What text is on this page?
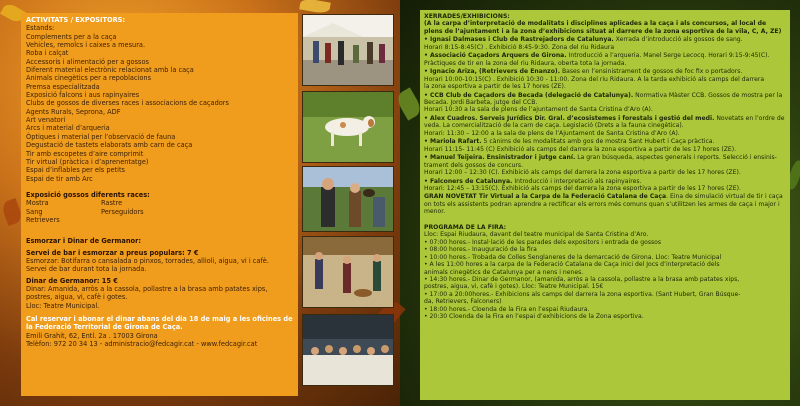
ACTIVITATS / EXPOSITORS:
Estands:
Complements per a la caça
Vehicles, remolcs i caixes a mesura.
Roba i calçat
Accessoris i alimentació per a gossos
Diferent material electrònic relacionat amb la caça
Animals cinegètics per a repoblacions
Premsa especialitzada
Exposició falcons i aus rapinyaires
Clubs de gossos de diverses races i associacions de caçadors
Agents Rurals, Seprona, ADF
Art venatori
Arcs i material d’arqueria
Òptiques i material per l’observació de fauna
Degustació de tastets elaborats amb carn de caça
Tir amb escopetes d’aire comprimit
Tir virtual (pràctica i d’aprenentatge)
Espai d’inflables per els petits
Espai de tir amb Arc
Exposició gossos diferents races:
Mostra
Sang
Retrievers
Rastre
Perseguidors
Esmorzar i Dinar de Germanor:
Servei de bar i esmorzar a preus populars: 7 €
Esmorzar: Botifarra o cansalada o pinxos, torrades, allioli, aigua, vi i cafè.
Servei de bar durant tota la jornada.
Dinar de Germanor: 15 €
Dinar: Amanida, arròs a la cassola, pollastre a la brasa amb patates xips,
postres, aigua, vi, cafè i gotes.
Lloc: Teatre Municipal.
Cal reservar i abonar el dinar abans del dia 18 de maig a les oficines de la Federació Territorial de Girona de Caça.
Emili Grahit, 62, Entl. 2a . 17003 Girona
Telèfon: 972 20 34 13 - administracio@fedcagir.cat - www.fedcagir.cat
XERRADES/EXHIBICIONS:
(A la carpa d’interpretació de modalitats i disciplines aplicades a la caça i als concursos, al local de plens de l’ajuntament i a la zona d’exhibicions situat al darrere de la zona esportiva de la vila, C, A, ZE)
• Ignasi Dalmases i Club de Rastrejadors de Catalunya. Xerrada d’introducció als gossos de sang.
Horari 8:15-8:45(C) . Exhibició 8:45-9:30. Zona del riu Ridaura
• Associació Caçadors Arquers de Girona. Introducció a l’arqueria. Manel Serge Lecocq. Horari 9:15-9:45(C).
Pràctiques de tir en la zona del riu Ridaura, oberta tota la jornada.
• Ignacio Ariza, (Retrievers de Enanzo). Bases en l’ensinistrament de gossos de foc fix o portadors.
Horari 10:00-10:15(C) . Exhibició 10:30 - 11:00. Zona del riu Ridaura. A la tarda exhibició als camps del darrera
la zona esportiva a partir de les 17 hores (ZE).
• CCB Club de Caçadors de Becada (delegació de Catalunya). Normativa Màster CCB. Gossos de mostra per la
Becada. Jordi Barbeta, jutge del CCB.
Horari 10:30 a la sala de plens de l’ajuntament de Santa Cristina d’Aro (A).
• Alex Cuadros. Serveis Jurídics Dir. Gral. d’ecosistemes i forestals i gestió del medi. Novetats en l’ordre de
veda. La comercialització de la carn de caça. Legislació (Drets a la fauna cinegètica).
Horari: 11:30 – 12:00 a la sala de plens de l’Ajuntament de Santa Cristina d’Aro (A).
• Mariola Rafart. 5 cànims de les modalitats amb gos de mostra Sant Hubert i Caça pràctica.
Horari 11:15- 11:45 (C) Exhibició als camps del darrera la zona esportiva a partir de les 17 hores (ZE).
• Manuel Teijeira. Ensinistrador i jutge caní. La gran búsqueda, aspectes generals i reports. Selecció i ensinis-
trament dels gossos de concurs.
Horari 12:00 – 12:30 (C). Exhibició als camps del darrera la zona esportiva a partir de les 17 hores (ZE).
• Falconers de Catalunya. Introducció i interpretació als rapinyaires.
Horari: 12:45 – 13:15(C). Exhibició als camps del darrera la zona esportiva a partir de les 17 hores (ZE).
GRAN NOVETAT Tir Virtual a la Carpa de la Federació Catalana de Caça. Eina de simulació virtual de tir i caça on tots els assistents podran aprendre a rectificar els errors més comuns quan s’utilitzen les armes de caça i major i menor.
PROGRAMA DE LA FIRA:
Lloc: Espai Riudaura, davant del teatre municipal de Santa Cristina d’Aro.
• 07:00 hores.- Instal·lació de les parades dels expositors i entrada de gossos
• 08:00 hores.- Inauguració de la fira
• 10:00 hores.- Trobada de Colles Senglaneres de la demarcació de Girona. Lloc: Teatre Municipal
• A les 11:00 hores a la carpa de la Federació Catalana de Caça inici del Jocs d’interpretació dels
animals cinegètics de Catalunya per a nens i nenes.
• 14:30 hores.- Dinar de Germanor, (amanida, arròs a la cassola, pollastre a la brasa amb patates xips,
postres, aigua, vi, cafè i gotes). Lloc: Teatre Municipal. 15€
• 17:00 a 20:00hores.- Exhibicions als camps del darrera la zona esportiva. (Sant Hubert, Gran Búsque-
da, Retrievers, Falconers)
• 18:00 hores.- Cloenda de la Fira en l’espai Riudaura.
• 20:30 Cloenda de la Fira en l’espai d’exhibicions de la Zona esportiva.
